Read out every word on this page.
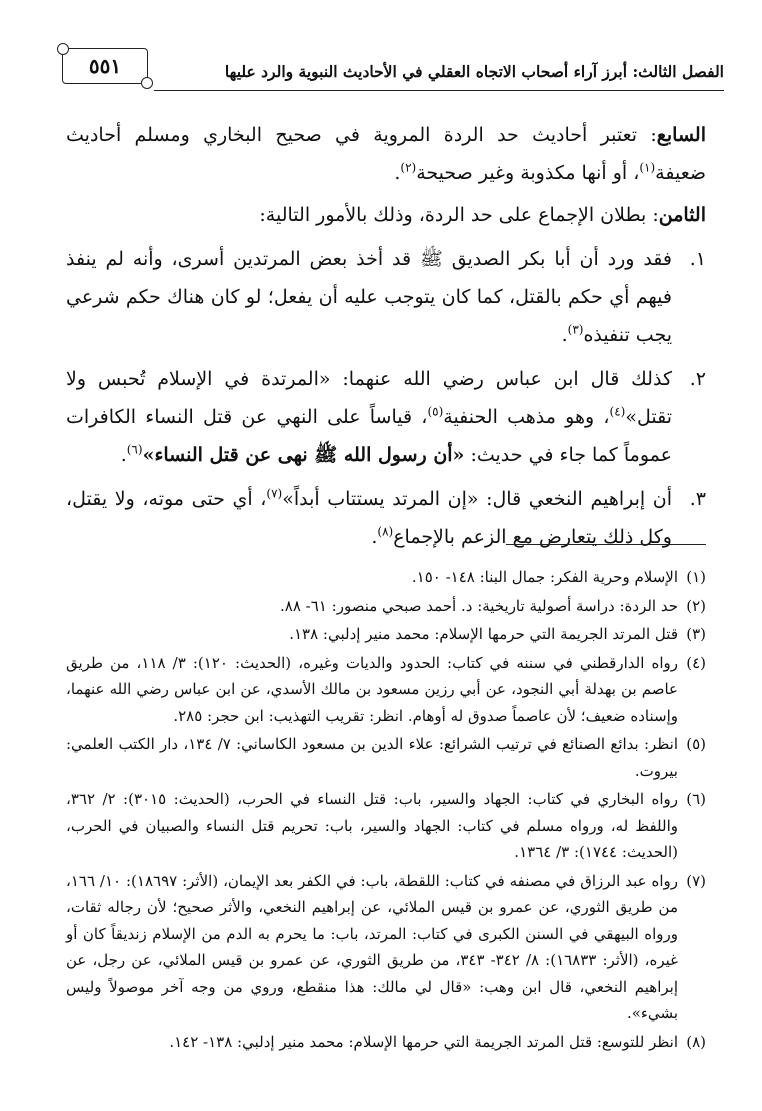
٥٥١	الفصل الثالث: أبرز آراء أصحاب الاتجاه العقلي في الأحاديث النبوية والرد عليها

السابع: تعتبر أحاديث حد الردة المروية في صحيح البخاري ومسلم أحاديث ضعيفة$^{(١)}$، أو أنها مكذوبة وغير صحيحة$^{(٢)}$.

الثامن: بطلان الإجماع على حد الردة، وذلك بالأمور التالية:

١.
فقد ورد أن أبا بكر الصديق ﷺ قد أخذ بعض المرتدين أسرى، وأنه لم ينفذ فيهم أي حكم بالقتل، كما كان يتوجب عليه أن يفعل؛ لو كان هناك حكم شرعي يجب تنفيذه$^{(٣)}$.
٢.
كذلك قال ابن عباس رضي الله عنهما: «المرتدة في الإسلام تُحبس ولا تقتل»$^{(٤)}$، وهو مذهب الحنفية$^{(٥)}$، قياساً على النهي عن قتل النساء الكافرات عموماً كما جاء في حديث: «أن رسول الله ﷺ نهى عن قتل النساء»$^{(٦)}$.
٣.
أن إبراهيم النخعي قال: «إن المرتد يستتاب أبداً»$^{(٧)}$، أي حتى موته، ولا يقتل، وكل ذلك يتعارض مع الزعم بالإجماع$^{(٨)}$.
(١)
الإسلام وحرية الفكر: جمال البنا: ١٤٨- ١٥٠.
(٢)
حد الردة: دراسة أصولية تاريخية: د. أحمد صبحي منصور: ٦١- ٨٨.
(٣)
قتل المرتد الجريمة التي حرمها الإسلام: محمد منير إدلبي: ١٣٨.
(٤)
رواه الدارقطني في سننه في كتاب: الحدود والديات وغيره، (الحديث: ١٢٠): ٣/ ١١٨، من طريق عاصم بن بهدلة أبي النجود، عن أبي رزين مسعود بن مالك الأسدي، عن ابن عباس رضي الله عنهما، وإسناده ضعيف؛ لأن عاصماً صدوق له أوهام. انظر: تقريب التهذيب: ابن حجر: ٢٨٥.
(٥)
انظر: بدائع الصنائع في ترتيب الشرائع: علاء الدين بن مسعود الكاساني: ٧/ ١٣٤، دار الكتب العلمي: بيروت.
(٦)
رواه البخاري في كتاب: الجهاد والسير، باب: قتل النساء في الحرب، (الحديث: ٣٠١٥): ٢/ ٣٦٢، واللفظ له، ورواه مسلم في كتاب: الجهاد والسير، باب: تحريم قتل النساء والصبيان في الحرب، (الحديث: ١٧٤٤): ٣/ ١٣٦٤.
(٧)
رواه عبد الرزاق في مصنفه في كتاب: اللقطة، باب: في الكفر بعد الإيمان، (الأثر: ١٨٦٩٧): ١٠/ ١٦٦، من طريق الثوري، عن عمرو بن قيس الملائي، عن إبراهيم النخعي، والأثر صحيح؛ لأن رجاله ثقات، ورواه البيهقي في السنن الكبرى في كتاب: المرتد، باب: ما يحرم به الدم من الإسلام زنديقاً كان أو غيره، (الأثر: ١٦٨٣٣): ٨/ ٣٤٢- ٣٤٣، من طريق الثوري، عن عمرو بن قيس الملائي، عن رجل، عن إبراهيم النخعي، قال ابن وهب: «قال لي مالك: هذا منقطع، وروي من وجه آخر موصولاً وليس بشيء».
(٨)
انظر للتوسع: قتل المرتد الجريمة التي حرمها الإسلام: محمد منير إدلبي: ١٣٨- ١٤٢.
